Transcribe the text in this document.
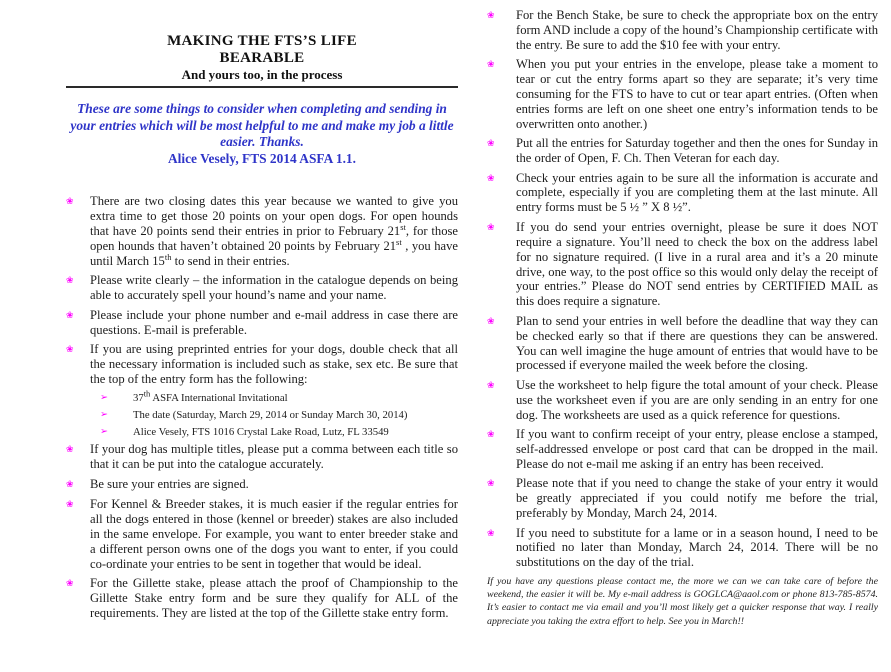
MAKING THE FTS’S LIFE
BEARABLE
And yours too, in the process
These are some things to consider when completing and sending in your entries which will be most helpful to me and make my job a little easier. Thanks.
Alice Vesely, FTS 2014 ASFA 1.1.
❀	There are two closing dates this year because we wanted to give you extra time to get those 20 points on your open dogs. For open hounds that have 20 points send their entries in prior to February 21st, for those open hounds that haven’t obtained 20 points by February 21st , you have until March 15th to send in their entries.
❀	Please write clearly – the information in the catalogue depends on being able to accurately spell your hound’s name and your name.
❀	Please include your phone number and e-mail address in case there are questions. E-mail is preferable.
❀	If you are using preprinted entries for your dogs, double check that all the necessary information is included such as stake, sex etc. Be sure that the top of the entry form has the following:
➢	37th ASFA International Invitational
➢	The date (Saturday, March 29, 2014 or Sunday March 30, 2014)
➢	Alice Vesely, FTS 1016 Crystal Lake Road, Lutz, FL 33549
❀	If your dog has multiple titles, please put a comma between each title so that it can be put into the catalogue accurately.
❀	Be sure your entries are signed.
❀	For Kennel & Breeder stakes, it is much easier if the regular entries for all the dogs entered in those (kennel or breeder) stakes are also included in the same envelope. For example, you want to enter breeder stake and a different person owns one of the dogs you want to enter, if you could co-ordinate your entries to be sent in together that would be ideal.
❀	For the Gillette stake, please attach the proof of Championship to the Gillette Stake entry form and be sure they qualify for ALL of the requirements. They are listed at the top of the Gillette stake entry form.
❀	For the Bench Stake, be sure to check the appropriate box on the entry form AND include a copy of the hound’s Championship certificate with the entry. Be sure to add the $10 fee with your entry.
❀	When you put your entries in the envelope, please take a moment to tear or cut the entry forms apart so they are separate; it’s very time consuming for the FTS to have to cut or tear apart entries. (Often when entries forms are left on one sheet one entry’s information tends to be overwritten onto another.)
❀	Put all the entries for Saturday together and then the ones for Sunday in the order of Open, F. Ch. Then Veteran for each day.
❀	Check your entries again to be sure all the information is accurate and complete, especially if you are completing them at the last minute. All entry forms must be 5 ½ ” X 8 ½”.
❀	If you do send your entries overnight, please be sure it does NOT require a signature. You’ll need to check the box on the address label for no signature required. (I live in a rural area and it’s a 20 minute drive, one way, to the post office so this would only delay the receipt of your entries.” Please do NOT send entries by CERTIFIED MAIL as this does require a signature.
❀	Plan to send your entries in well before the deadline that way they can be checked early so that if there are questions they can be answered. You can well imagine the huge amount of entries that would have to be processed if everyone mailed the week before the closing.
❀	Use the worksheet to help figure the total amount of your check. Please use the worksheet even if you are are only sending in an entry for one dog. The worksheets are used as a quick reference for questions.
❀	If you want to confirm receipt of your entry, please enclose a stamped, self-addressed envelope or post card that can be dropped in the mail. Please do not e-mail me asking if an entry has been received.
❀	Please note that if you need to change the stake of your entry it would be greatly appreciated if you could notify me before the trial, preferably by Monday, March 24, 2014.
❀	If you need to substitute for a lame or in a season hound, I need to be notified no later than Monday, March 24, 2014. There will be no substitutions on the day of the trial.
If you have any questions please contact me, the more we can we can take care of before the weekend, the easier it will be. My e-mail address is GOGLCA@aaol.com or phone 813-785-8574. It’s easier to contact me via email and you’ll most likely get a quicker response that way. I really appreciate you taking the extra effort to help. See you in March!!
